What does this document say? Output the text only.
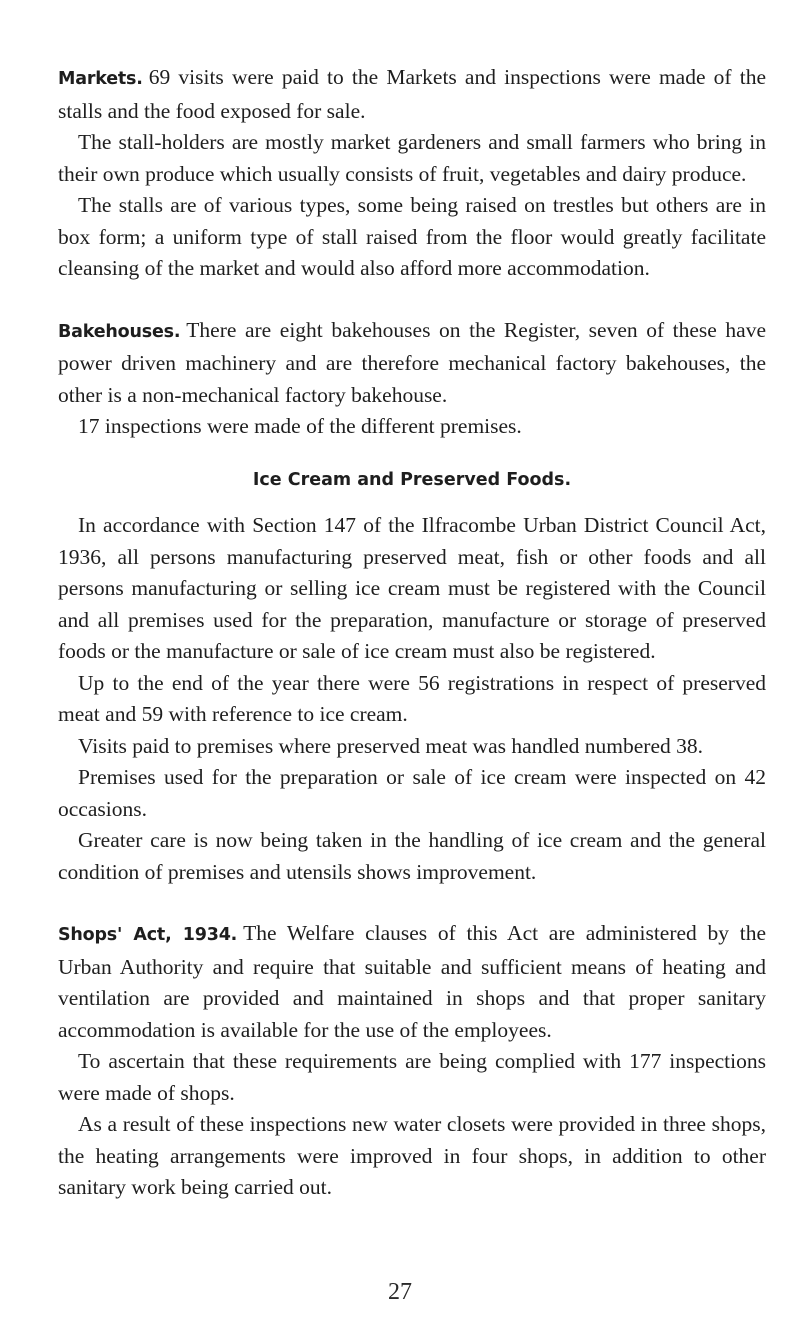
Markets. 69 visits were paid to the Markets and inspections were made of the stalls and the food exposed for sale.

The stall-holders are mostly market gardeners and small farmers who bring in their own produce which usually consists of fruit, vegetables and dairy produce.

The stalls are of various types, some being raised on trestles but others are in box form; a uniform type of stall raised from the floor would greatly facilitate cleansing of the market and would also afford more accommodation.

Bakehouses. There are eight bakehouses on the Register, seven of these have power driven machinery and are therefore mechanical factory bakehouses, the other is a non-mechanical factory bakehouse.

17 inspections were made of the different premises.

Ice Cream and Preserved Foods.

In accordance with Section 147 of the Ilfracombe Urban District Council Act, 1936, all persons manufacturing preserved meat, fish or other foods and all persons manufacturing or selling ice cream must be registered with the Council and all premises used for the preparation, manufacture or storage of preserved foods or the manufacture or sale of ice cream must also be registered.

Up to the end of the year there were 56 registrations in respect of preserved meat and 59 with reference to ice cream.

Visits paid to premises where preserved meat was handled numbered 38.

Premises used for the preparation or sale of ice cream were inspected on 42 occasions.

Greater care is now being taken in the handling of ice cream and the general condition of premises and utensils shows improvement.

Shops' Act, 1934. The Welfare clauses of this Act are administered by the Urban Authority and require that suitable and sufficient means of heating and ventilation are provided and maintained in shops and that proper sanitary accommodation is available for the use of the employees.

To ascertain that these requirements are being complied with 177 inspections were made of shops.

As a result of these inspections new water closets were provided in three shops, the heating arrangements were improved in four shops, in addition to other sanitary work being carried out.

27
